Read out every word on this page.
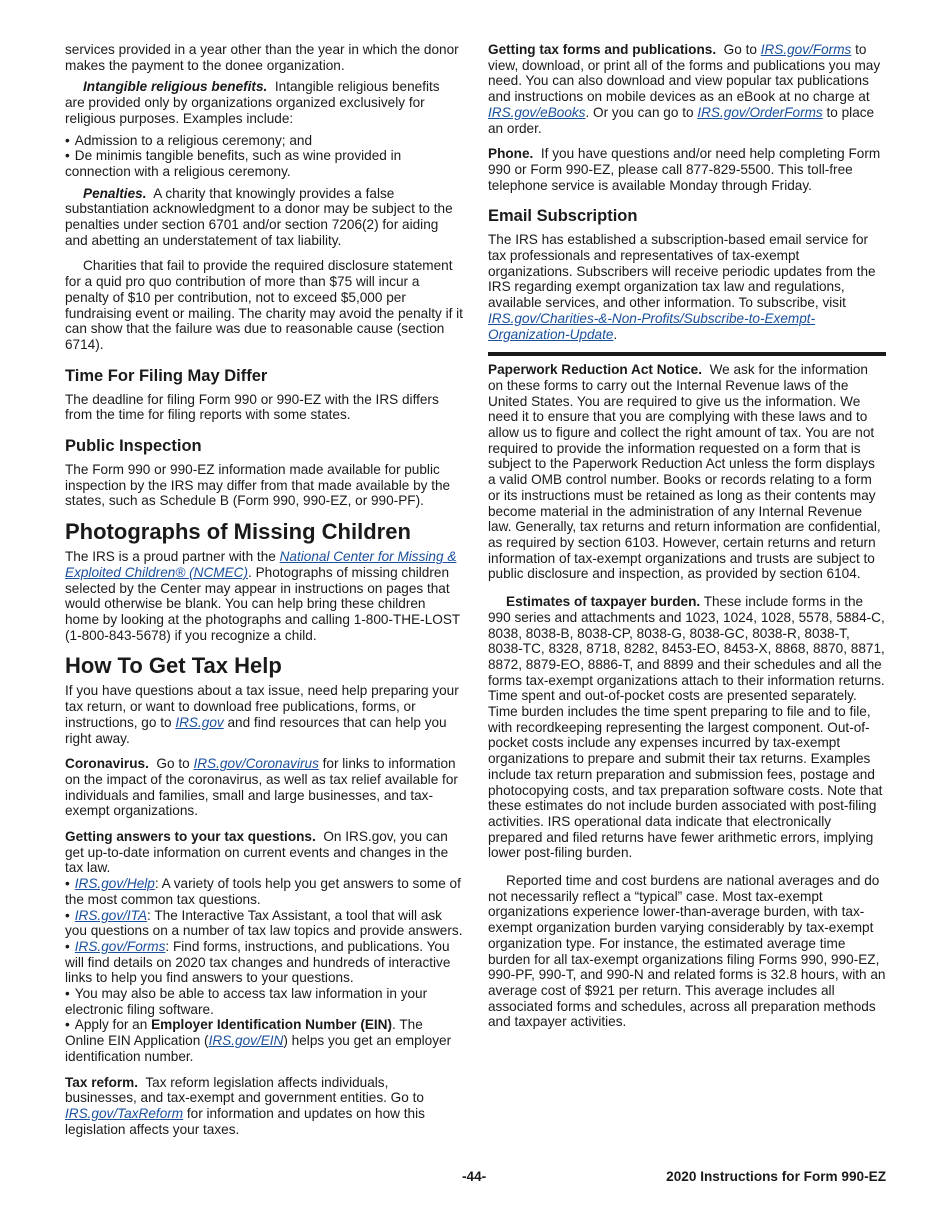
services provided in a year other than the year in which the donor makes the payment to the donee organization.

Intangible religious benefits. Intangible religious benefits are provided only by organizations organized exclusively for religious purposes. Examples include:

• Admission to a religious ceremony; and
• De minimis tangible benefits, such as wine provided in connection with a religious ceremony.

Penalties. A charity that knowingly provides a false substantiation acknowledgment to a donor may be subject to the penalties under section 6701 and/or section 7206(2) for aiding and abetting an understatement of tax liability.

Charities that fail to provide the required disclosure statement for a quid pro quo contribution of more than $75 will incur a penalty of $10 per contribution, not to exceed $5,000 per fundraising event or mailing. The charity may avoid the penalty if it can show that the failure was due to reasonable cause (section 6714).

Time For Filing May Differ

The deadline for filing Form 990 or 990-EZ with the IRS differs from the time for filing reports with some states.

Public Inspection

The Form 990 or 990-EZ information made available for public inspection by the IRS may differ from that made available by the states, such as Schedule B (Form 990, 990-EZ, or 990-PF).

Photographs of Missing Children

The IRS is a proud partner with the National Center for Missing & Exploited Children® (NCMEC). Photographs of missing children selected by the Center may appear in instructions on pages that would otherwise be blank. You can help bring these children home by looking at the photographs and calling 1-800-THE-LOST (1-800-843-5678) if you recognize a child.

How To Get Tax Help

If you have questions about a tax issue, need help preparing your tax return, or want to download free publications, forms, or instructions, go to IRS.gov and find resources that can help you right away.

Coronavirus. Go to IRS.gov/Coronavirus for links to information on the impact of the coronavirus, as well as tax relief available for individuals and families, small and large businesses, and tax-exempt organizations.

Getting answers to your tax questions. On IRS.gov, you can get up-to-date information on current events and changes in the tax law.

• IRS.gov/Help: A variety of tools help you get answers to some of the most common tax questions.
• IRS.gov/ITA: The Interactive Tax Assistant, a tool that will ask you questions on a number of tax law topics and provide answers.
• IRS.gov/Forms: Find forms, instructions, and publications. You will find details on 2020 tax changes and hundreds of interactive links to help you find answers to your questions.
• You may also be able to access tax law information in your electronic filing software.
• Apply for an Employer Identification Number (EIN). The Online EIN Application (IRS.gov/EIN) helps you get an employer identification number.

Tax reform. Tax reform legislation affects individuals, businesses, and tax-exempt and government entities. Go to IRS.gov/TaxReform for information and updates on how this legislation affects your taxes.

Getting tax forms and publications. Go to IRS.gov/Forms to view, download, or print all of the forms and publications you may need. You can also download and view popular tax publications and instructions on mobile devices as an eBook at no charge at IRS.gov/eBooks. Or you can go to IRS.gov/OrderForms to place an order.

Phone. If you have questions and/or need help completing Form 990 or Form 990-EZ, please call 877-829-5500. This toll-free telephone service is available Monday through Friday.

Email Subscription

The IRS has established a subscription-based email service for tax professionals and representatives of tax-exempt organizations. Subscribers will receive periodic updates from the IRS regarding exempt organization tax law and regulations, available services, and other information. To subscribe, visit IRS.gov/Charities-&-Non-Profits/Subscribe-to-Exempt-Organization-Update.

Paperwork Reduction Act Notice. We ask for the information on these forms to carry out the Internal Revenue laws of the United States. You are required to give us the information. We need it to ensure that you are complying with these laws and to allow us to figure and collect the right amount of tax. You are not required to provide the information requested on a form that is subject to the Paperwork Reduction Act unless the form displays a valid OMB control number. Books or records relating to a form or its instructions must be retained as long as their contents may become material in the administration of any Internal Revenue law. Generally, tax returns and return information are confidential, as required by section 6103. However, certain returns and return information of tax-exempt organizations and trusts are subject to public disclosure and inspection, as provided by section 6104.

Estimates of taxpayer burden. These include forms in the 990 series and attachments and 1023, 1024, 1028, 5578, 5884-C, 8038, 8038-B, 8038-CP, 8038-G, 8038-GC, 8038-R, 8038-T, 8038-TC, 8328, 8718, 8282, 8453-EO, 8453-X, 8868, 8870, 8871, 8872, 8879-EO, 8886-T, and 8899 and their schedules and all the forms tax-exempt organizations attach to their information returns. Time spent and out-of-pocket costs are presented separately. Time burden includes the time spent preparing to file and to file, with recordkeeping representing the largest component. Out-of-pocket costs include any expenses incurred by tax-exempt organizations to prepare and submit their tax returns. Examples include tax return preparation and submission fees, postage and photocopying costs, and tax preparation software costs. Note that these estimates do not include burden associated with post-filing activities. IRS operational data indicate that electronically prepared and filed returns have fewer arithmetic errors, implying lower post-filing burden.

Reported time and cost burdens are national averages and do not necessarily reflect a “typical” case. Most tax-exempt organizations experience lower-than-average burden, with tax-exempt organization burden varying considerably by tax-exempt organization type. For instance, the estimated average time burden for all tax-exempt organizations filing Forms 990, 990-EZ, 990-PF, 990-T, and 990-N and related forms is 32.8 hours, with an average cost of $921 per return. This average includes all associated forms and schedules, across all preparation methods and taxpayer activities.

-44-	2020 Instructions for Form 990-EZ
